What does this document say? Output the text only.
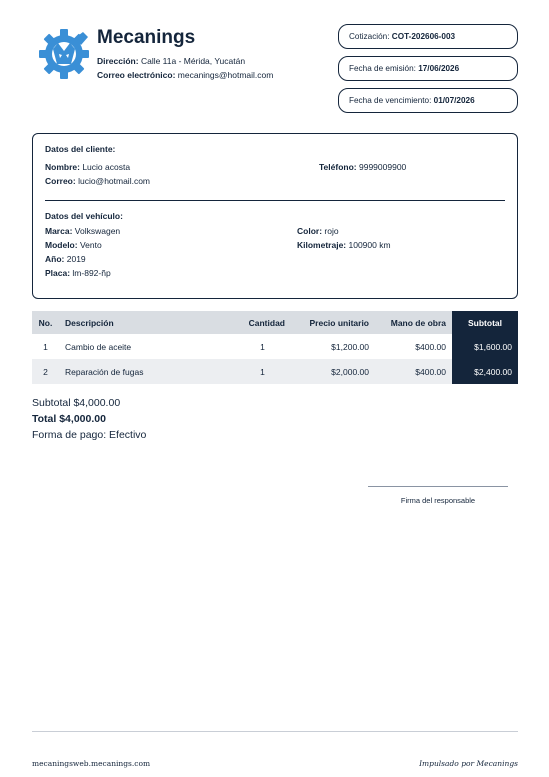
Mecanings
Dirección: Calle 11a - Mérida, Yucatán
Correo electrónico: mecanings@hotmail.com
Cotización: COT-202606-003
Fecha de emisión: 17/06/2026
Fecha de vencimiento: 01/07/2026
Datos del cliente:
Nombre: Lucio acosta	Teléfono: 9999009900
Correo: lucio@hotmail.com
Datos del vehículo:
Marca: Volkswagen	Color: rojo
Modelo: Vento	Kilometraje: 100900 km
Año: 2019
Placa: lm-892-ñp
No.	Descripción	Cantidad	Precio unitario	Mano de obra	Subtotal
1	Cambio de aceite	1	$1,200.00	$400.00	$1,600.00
2	Reparación de fugas	1	$2,000.00	$400.00	$2,400.00
Subtotal $4,000.00
Total $4,000.00
Forma de pago: Efectivo
Firma del responsable
mecaningsweb.mecanings.com	Impulsado por Mecanings
